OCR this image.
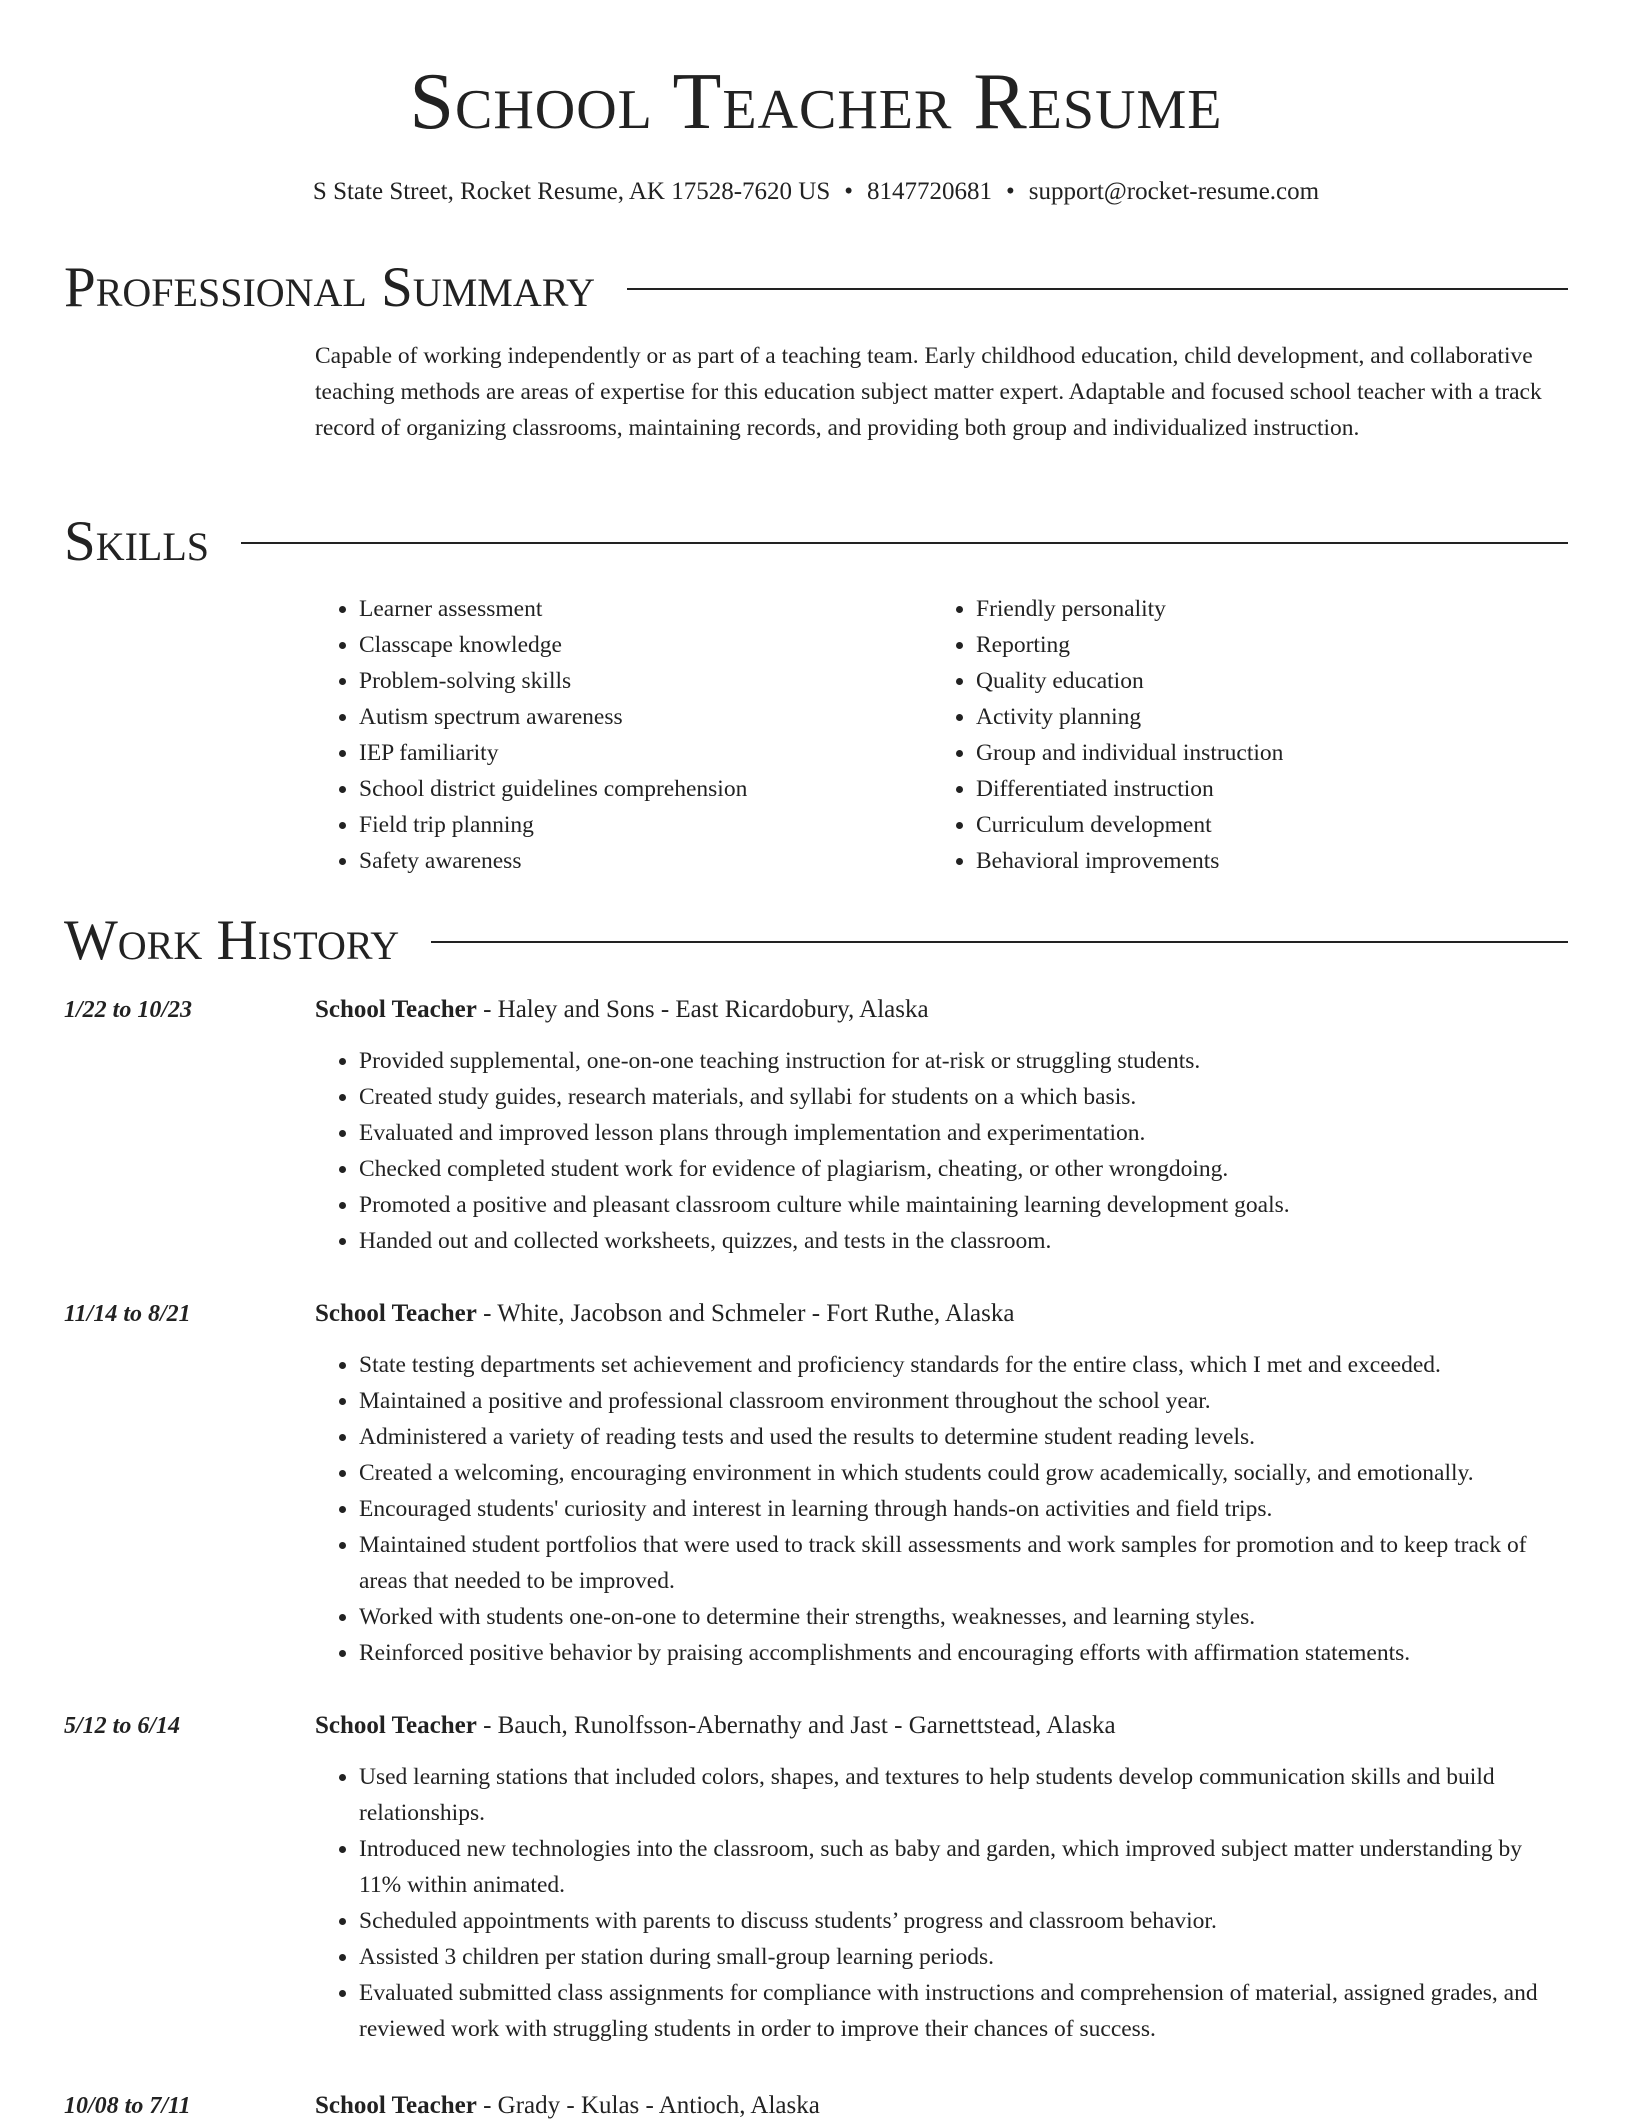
School Teacher Resume
S State Street, Rocket Resume, AK 17528-7620 US • 8147720681 • support@rocket-resume.com
Professional Summary

Capable of working independently or as part of a teaching team. Early childhood education, child development, and collaborative teaching methods are areas of expertise for this education subject matter expert. Adaptable and focused school teacher with a track record of organizing classrooms, maintaining records, and providing both group and individualized instruction.

Skills
• Learner assessment
• Classcape knowledge
• Problem-solving skills
• Autism spectrum awareness
• IEP familiarity
• School district guidelines comprehension
• Field trip planning
• Safety awareness
• Friendly personality
• Reporting
• Quality education
• Activity planning
• Group and individual instruction
• Differentiated instruction
• Curriculum development
• Behavioral improvements
Work History
1/22 to 10/23	School Teacher - Haley and Sons - East Ricardobury, Alaska
• Provided supplemental, one-on-one teaching instruction for at-risk or struggling students.
• Created study guides, research materials, and syllabi for students on a which basis.
• Evaluated and improved lesson plans through implementation and experimentation.
• Checked completed student work for evidence of plagiarism, cheating, or other wrongdoing.
• Promoted a positive and pleasant classroom culture while maintaining learning development goals.
• Handed out and collected worksheets, quizzes, and tests in the classroom.
11/14 to 8/21	School Teacher - White, Jacobson and Schmeler - Fort Ruthe, Alaska
• State testing departments set achievement and proficiency standards for the entire class, which I met and exceeded.
• Maintained a positive and professional classroom environment throughout the school year.
• Administered a variety of reading tests and used the results to determine student reading levels.
• Created a welcoming, encouraging environment in which students could grow academically, socially, and emotionally.
• Encouraged students' curiosity and interest in learning through hands-on activities and field trips.
• Maintained student portfolios that were used to track skill assessments and work samples for promotion and to keep track of areas that needed to be improved.
• Worked with students one-on-one to determine their strengths, weaknesses, and learning styles.
• Reinforced positive behavior by praising accomplishments and encouraging efforts with affirmation statements.
5/12 to 6/14	School Teacher - Bauch, Runolfsson-Abernathy and Jast - Garnettstead, Alaska
• Used learning stations that included colors, shapes, and textures to help students develop communication skills and build relationships.
• Introduced new technologies into the classroom, such as baby and garden, which improved subject matter understanding by 11% within animated.
• Scheduled appointments with parents to discuss students’ progress and classroom behavior.
• Assisted 3 children per station during small-group learning periods.
• Evaluated submitted class assignments for compliance with instructions and comprehension of material, assigned grades, and reviewed work with struggling students in order to improve their chances of success.
10/08 to 7/11	School Teacher - Grady - Kulas - Antioch, Alaska
